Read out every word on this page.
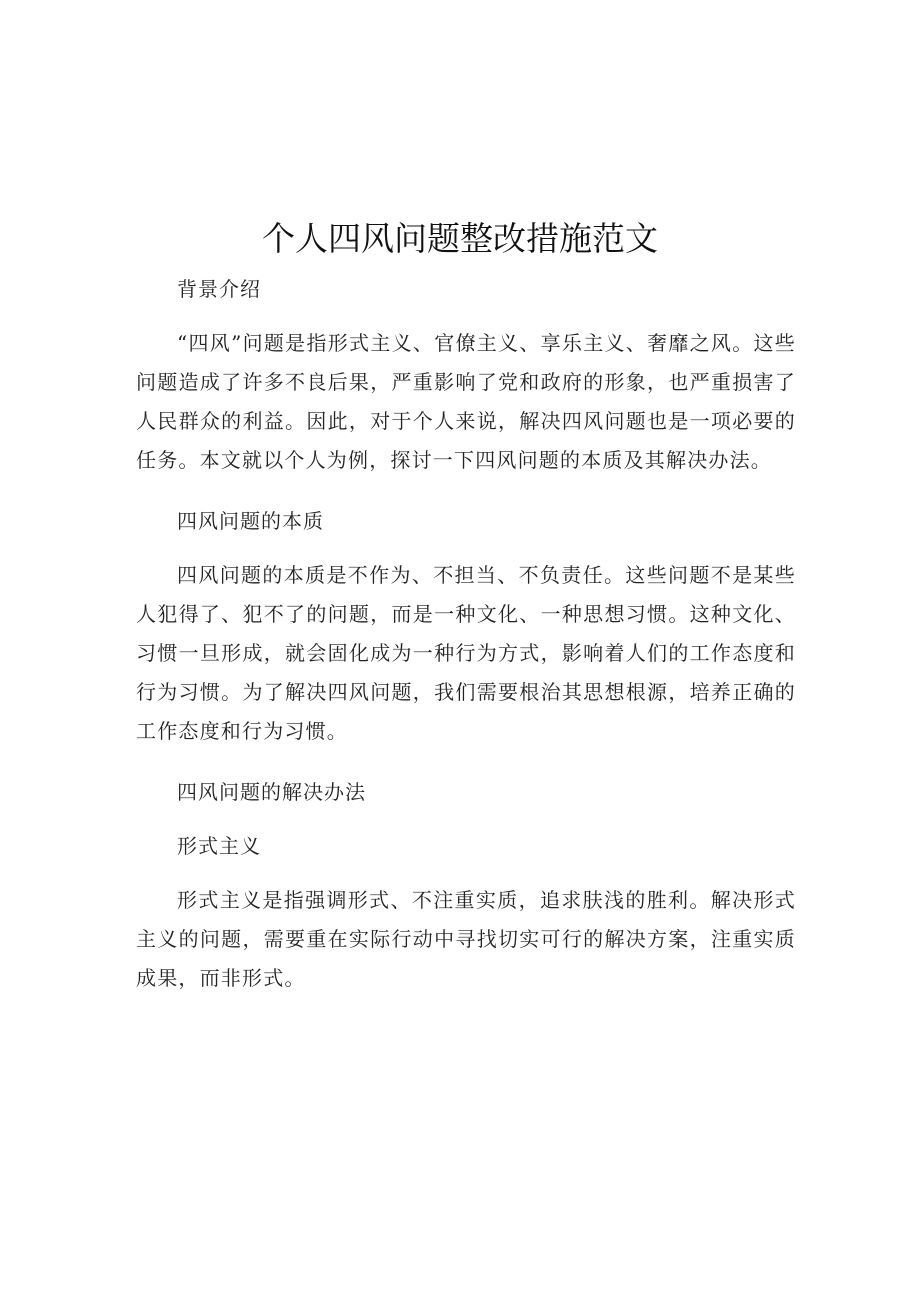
个人四风问题整改措施范文
背景介绍

“四风”问题是指形式主义、官僚主义、享乐主义、奢靡之风。这些问题造成了许多不良后果，严重影响了党和政府的形象，也严重损害了人民群众的利益。因此，对于个人来说，解决四风问题也是一项必要的任务。本文就以个人为例，探讨一下四风问题的本质及其解决办法。

四风问题的本质

四风问题的本质是不作为、不担当、不负责任。这些问题不是某些人犯得了、犯不了的问题，而是一种文化、一种思想习惯。这种文化、习惯一旦形成，就会固化成为一种行为方式，影响着人们的工作态度和行为习惯。为了解决四风问题，我们需要根治其思想根源，培养正确的工作态度和行为习惯。

四风问题的解决办法
形式主义

形式主义是指强调形式、不注重实质，追求肤浅的胜利。解决形式主义的问题，需要重在实际行动中寻找切实可行的解决方案，注重实质成果，而非形式。
